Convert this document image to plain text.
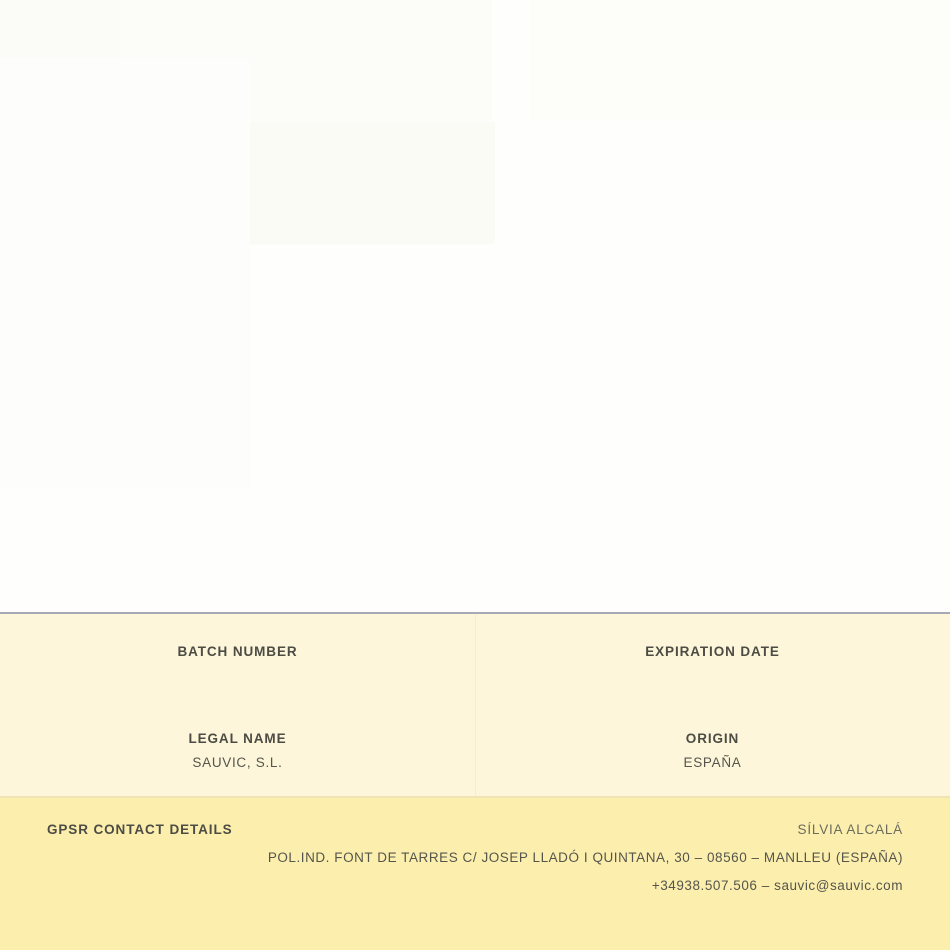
BATCH NUMBER	EXPIRATION DATE
LEGAL NAME
SAUVIC, S.L.
ORIGIN
ESPAÑA
GPSR CONTACT DETAILS	SÍLVIA ALCALÁ
POL.IND. FONT DE TARRES C/ JOSEP LLADÓ I QUINTANA, 30 – 08560 – MANLLEU (ESPAÑA)
+34938.507.506 – sauvic@sauvic.com
